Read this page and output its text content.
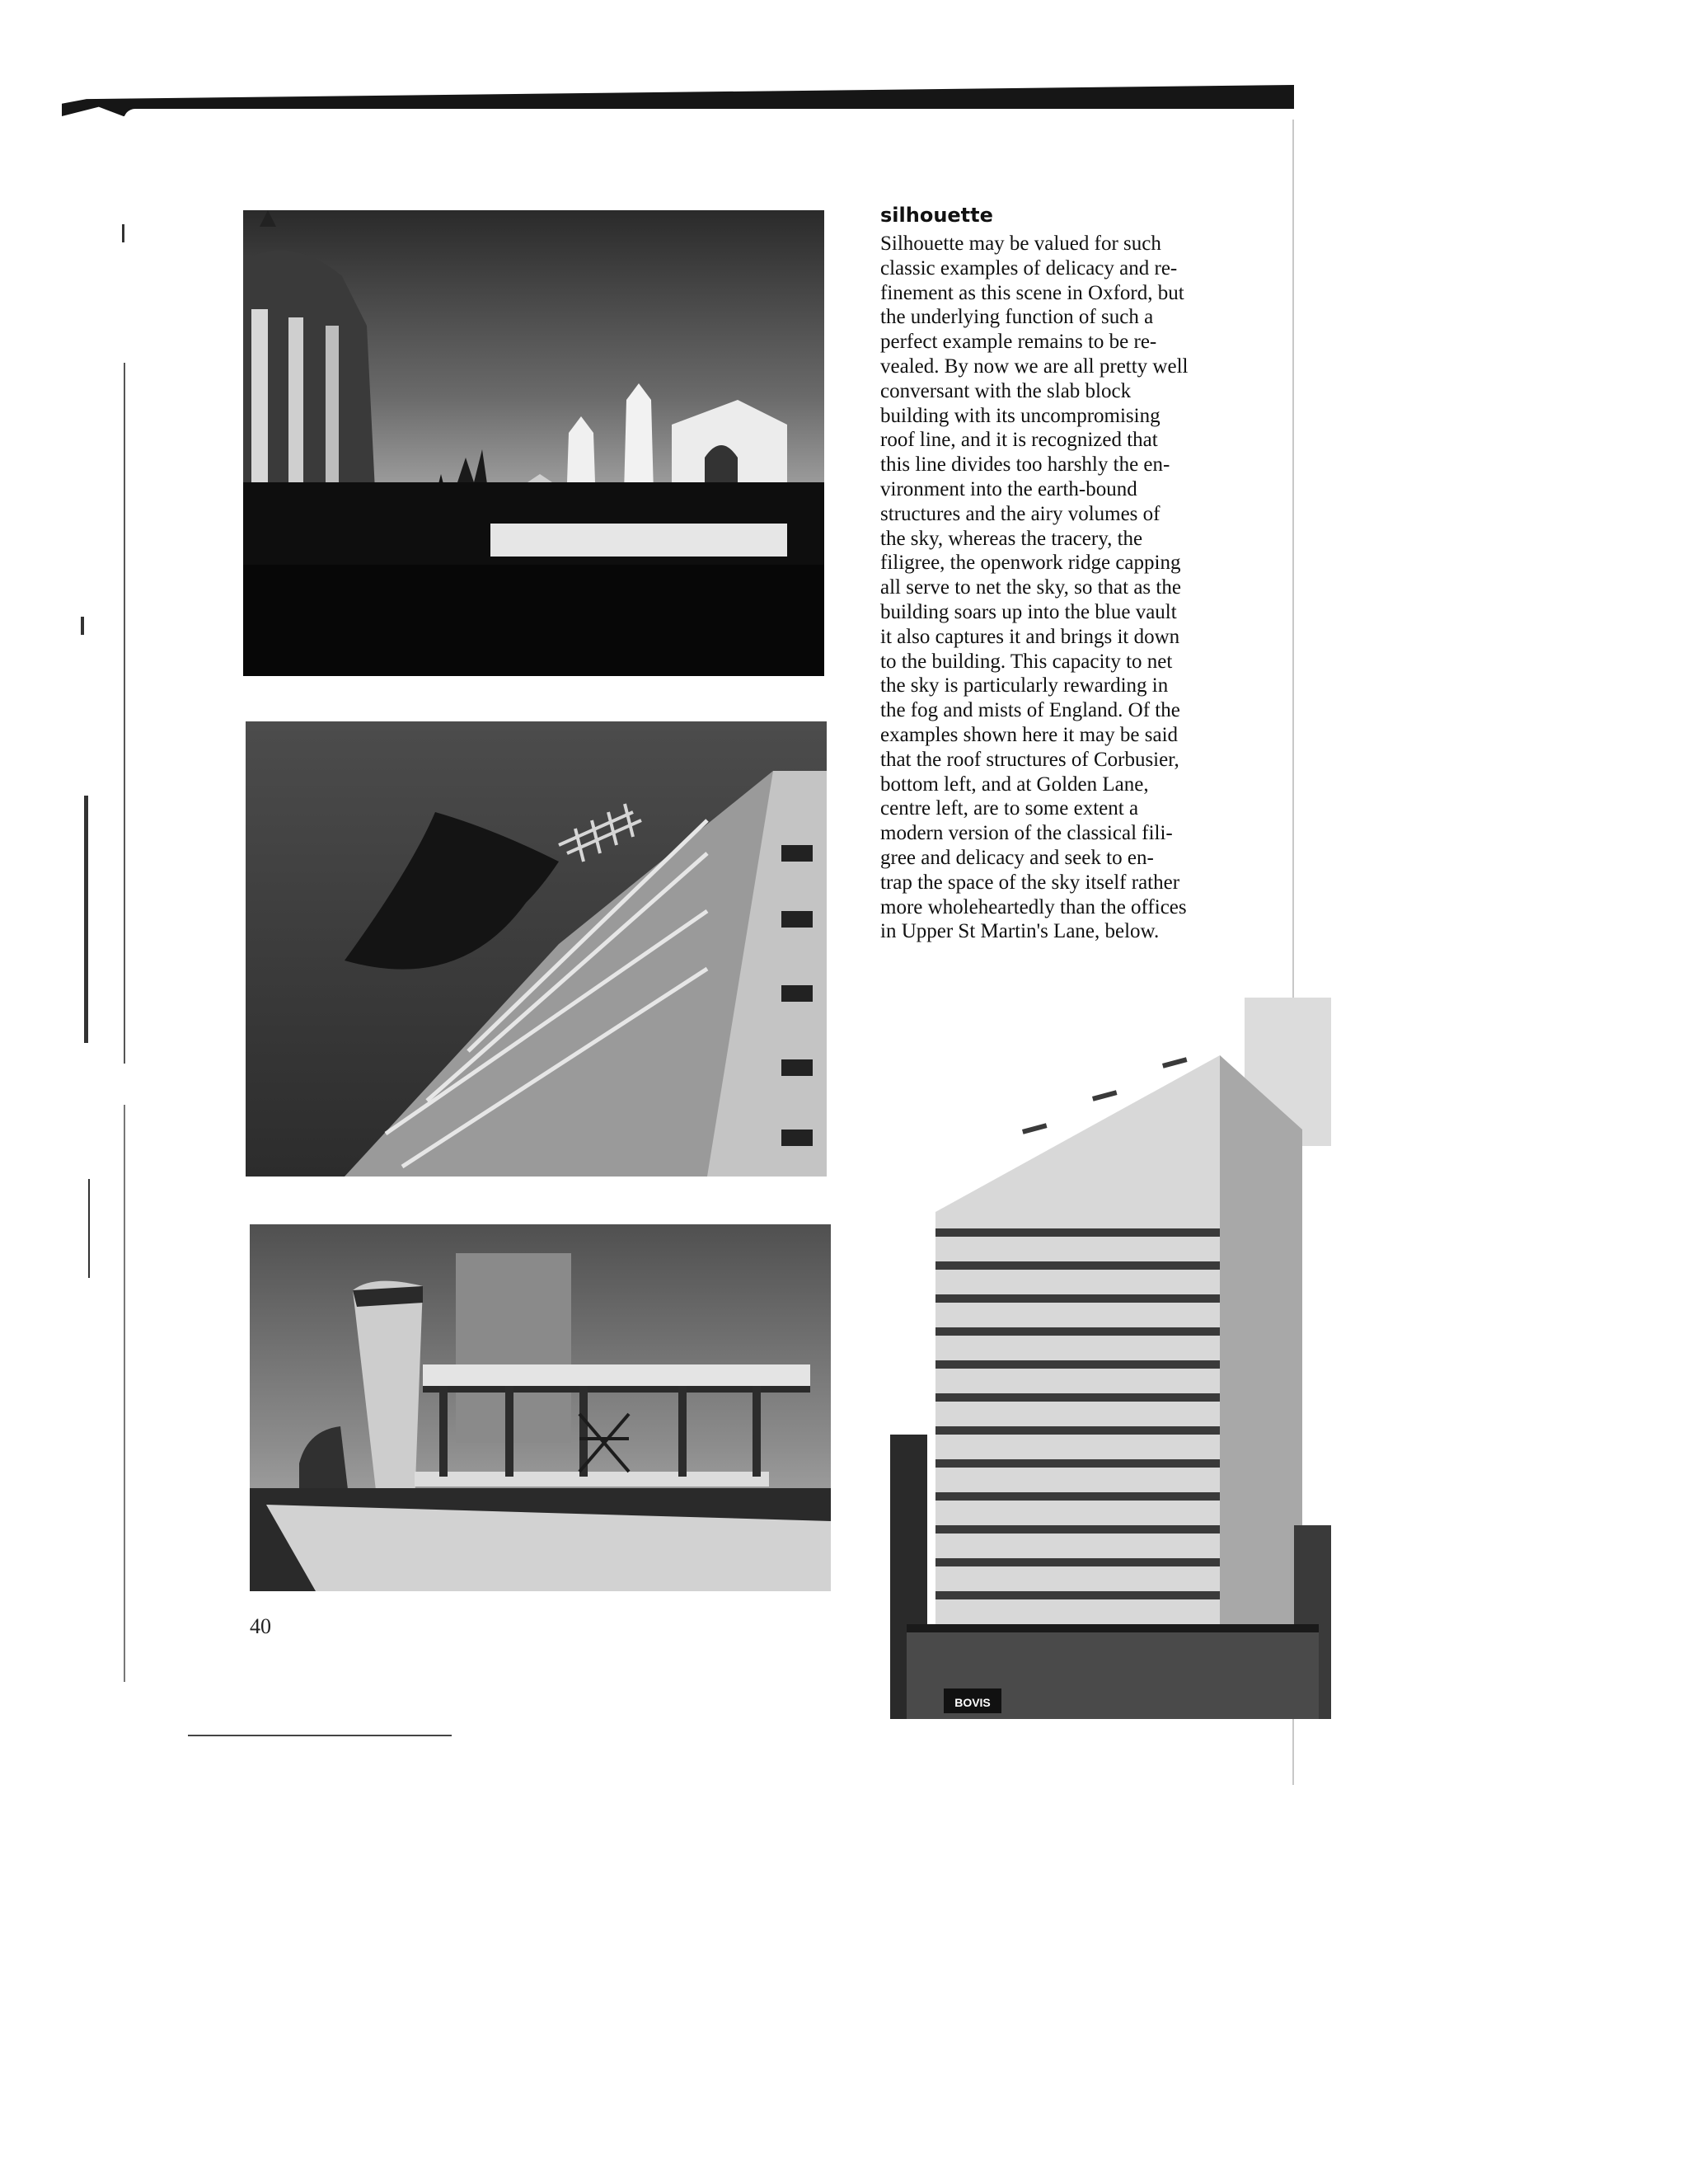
BOVIS
silhouette
Silhouette may be valued for such
classic examples of delicacy and re-
finement as this scene in Oxford, but
the underlying function of such a
perfect example remains to be re-
vealed. By now we are all pretty well
conversant with the slab block
building with its uncompromising
roof line, and it is recognized that
this line divides too harshly the en-
vironment into the earth-bound
structures and the airy volumes of
the sky, whereas the tracery, the
filigree, the openwork ridge capping
all serve to net the sky, so that as the
building soars up into the blue vault
it also captures it and brings it down
to the building. This capacity to net
the sky is particularly rewarding in
the fog and mists of England. Of the
examples shown here it may be said
that the roof structures of Corbusier,
bottom left, and at Golden Lane,
centre left, are to some extent a
modern version of the classical fili-
gree and delicacy and seek to en-
trap the space of the sky itself rather
more wholeheartedly than the offices
in Upper St Martin's Lane, below.
40
